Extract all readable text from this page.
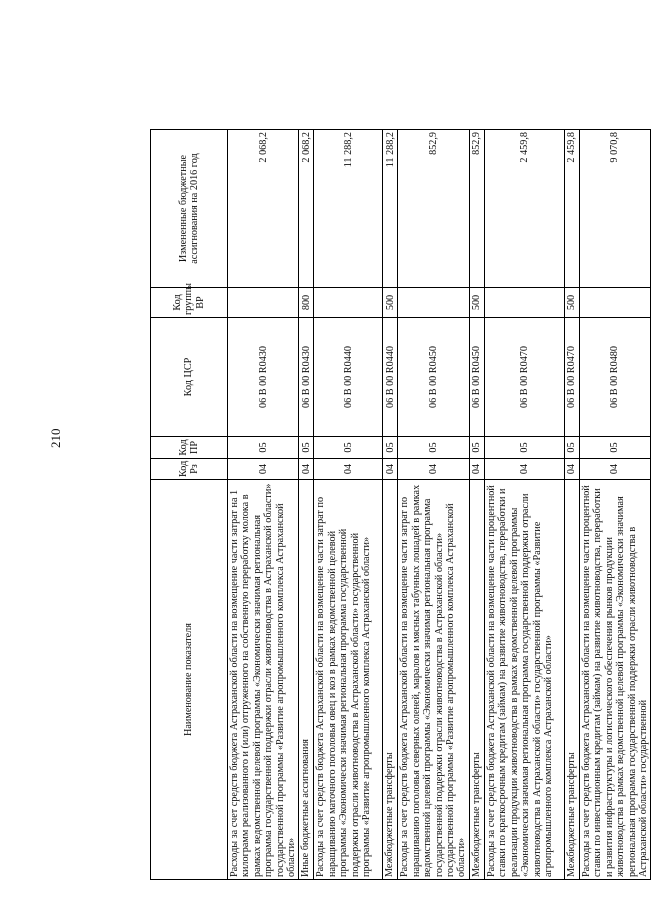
210
Наименование показателя	Код Рз	Код ПР	Код ЦСР	Код группы ВР	Измененные бюджетные ассигнования на 2016 год
Расходы за счет средств бюджета Астраханской области на возмещение части затрат на 1 килограмм реализованного и (или) отгруженного на собственную переработку молока в рамках ведомственной целевой программы «Экономически значимая региональная программа государственной поддержки отрасли животноводства в Астраханской области» государственной программы «Развитие агропромышленного комплекса Астраханской области»	04	05	06 В 00 R0430		2 068,2
Иные бюджетные ассигнования	04	05	06 В 00 R0430	800	2 068,2
Расходы за счет средств бюджета Астраханской области на возмещение части затрат по наращиванию маточного поголовья овец и коз в рамках ведомственной целевой программы «Экономически значимая региональная программа государственной поддержки отрасли животноводства в Астраханской области» государственной программы «Развитие агропромышленного комплекса Астраханской области»	04	05	06 В 00 R0440		11 288,2
Межбюджетные трансферты	04	05	06 В 00 R0440	500	11 288,2
Расходы за счет средств бюджета Астраханской области на возмещение части затрат по наращиванию поголовья северных оленей, маралов и мясных табунных лошадей в рамках ведомственной целевой программы «Экономически значимая региональная программа государственной поддержки отрасли животноводства в Астраханской области» государственной программы «Развитие агропромышленного комплекса Астраханской области»	04	05	06 В 00 R0450		852,9
Межбюджетные трансферты	04	05	06 В 00 R0450	500	852,9
Расходы за счет средств бюджета Астраханской области на возмещение части процентной ставки по краткосрочным кредитам (займам) на развитие животноводства, переработки и реализации продукции животноводства в рамках ведомственной целевой программы «Экономически значимая региональная программа государственной поддержки отрасли животноводства в Астраханской области» государственной программы «Развитие агропромышленного комплекса Астраханской области»	04	05	06 В 00 R0470		2 459,8
Межбюджетные трансферты	04	05	06 В 00 R0470	500	2 459,8
Расходы за счет средств бюджета Астраханской области на возмещение части процентной ставки по инвестиционным кредитам (займам) на развитие животноводства, переработки и развития инфраструктуры и логистического обеспечения рынков продукции животноводства в рамках ведомственной целевой программы «Экономически значимая региональная программа государственной поддержки отрасли животноводства в Астраханской области» государственной	04	05	06 В 00 R0480		9 070,8
